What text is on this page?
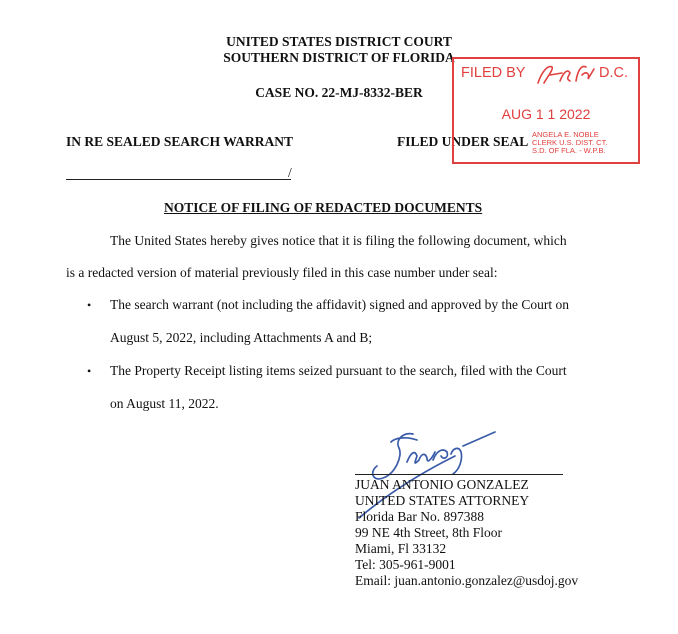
UNITED STATES DISTRICT COURT
SOUTHERN DISTRICT OF FLORIDA
CASE NO. 22-MJ-8332-BER
IN RE SEALED SEARCH WARRANT	FILED UNDER SEAL
/
FILED BY	D.C.
AUG 1 1 2022
ANGELA E. NOBLE
CLERK U.S. DIST. CT.
S.D. OF FLA. - W.P.B.
NOTICE OF FILING OF REDACTED DOCUMENTS
The United States hereby gives notice that it is filing the following document, which
is a redacted version of material previously filed in this case number under seal:
• The search warrant (not including the affidavit) signed and approved by the Court on
August 5, 2022, including Attachments A and B;
• The Property Receipt listing items seized pursuant to the search, filed with the Court
on August 11, 2022.
JUAN ANTONIO GONZALEZ
UNITED STATES ATTORNEY
Florida Bar No. 897388
99 NE 4th Street, 8th Floor
Miami, Fl 33132
Tel: 305-961-9001
Email: juan.antonio.gonzalez@usdoj.gov
